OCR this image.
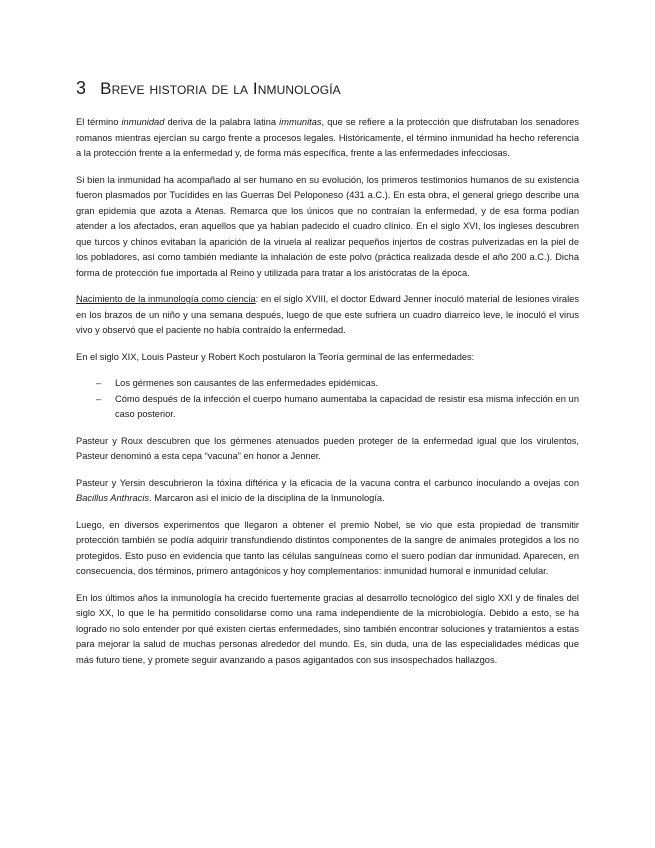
3 Breve historia de la Inmunología

El término inmunidad deriva de la palabra latina immunitas, que se refiere a la protección que disfrutaban los senadores romanos mientras ejercían su cargo frente a procesos legales. Históricamente, el término inmunidad ha hecho referencia a la protección frente a la enfermedad y, de forma más específica, frente a las enfermedades infecciosas.

Si bien la inmunidad ha acompañado al ser humano en su evolución, los primeros testimonios humanos de su existencia fueron plasmados por Tucídides en las Guerras Del Peloponeso (431 a.C.). En esta obra, el general griego describe una gran epidemia que azota a Atenas. Remarca que los únicos que no contraían la enfermedad, y de esa forma podían atender a los afectados, eran aquellos que ya habían padecido el cuadro clínico. En el siglo XVI, los ingleses descubren que turcos y chinos evitaban la aparición de la viruela al realizar pequeños injertos de costras pulverizadas en la piel de los pobladores, así como también mediante la inhalación de este polvo (práctica realizada desde el año 200 a.C.). Dicha forma de protección fue importada al Reino y utilizada para tratar a los aristócratas de la época.

Nacimiento de la inmunología como ciencia: en el siglo XVIII, el doctor Edward Jenner inoculó material de lesiones virales en los brazos de un niño y una semana después, luego de que este sufriera un cuadro diarreico leve, le inoculó el virus vivo y observó que el paciente no había contraído la enfermedad.

En el siglo XIX, Louis Pasteur y Robert Koch postularon la Teoría germinal de las enfermedades:

– Los gérmenes son causantes de las enfermedades epidémicas.
– Cómo después de la infección el cuerpo humano aumentaba la capacidad de resistir esa misma infección en un caso posterior.

Pasteur y Roux descubren que los gérmenes atenuados pueden proteger de la enfermedad igual que los virulentos, Pasteur denominó a esta cepa “vacuna” en honor a Jenner.

Pasteur y Yersin descubrieron la tóxina diftérica y la eficacia de la vacuna contra el carbunco inoculando a ovejas con Bacillus Anthracis. Marcaron así el inicio de la disciplina de la Inmunología.

Luego, en diversos experimentos que llegaron a obtener el premio Nobel, se vio que esta propiedad de transmitir protección también se podía adquirir transfundiendo distintos componentes de la sangre de animales protegidos a los no protegidos. Esto puso en evidencia que tanto las células sanguíneas como el suero podían dar inmunidad. Aparecen, en consecuencia, dos términos, primero antagónicos y hoy complementarios: inmunidad humoral e inmunidad celular.

En los últimos años la inmunología ha crecido fuertemente gracias al desarrollo tecnológico del siglo XXI y de finales del siglo XX, lo que le ha permitido consolidarse como una rama independiente de la microbiología. Debido a esto, se ha logrado no solo entender por qué existen ciertas enfermedades, sino también encontrar soluciones y tratamientos a estas para mejorar la salud de muchas personas alrededor del mundo. Es, sin duda, una de las especialidades médicas que más futuro tiene, y promete seguir avanzando a pasos agigantados con sus insospechados hallazgos.
